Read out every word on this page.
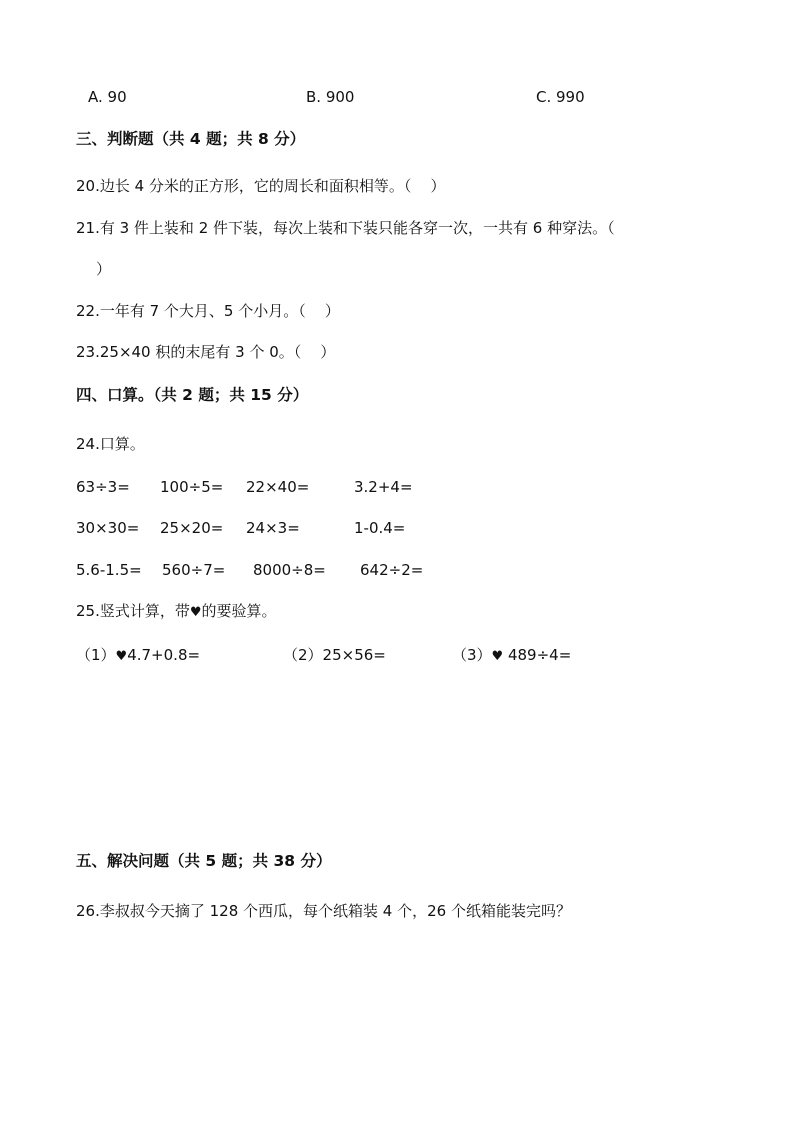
A. 90	B. 900	C. 990
三、判断题（共 4 题；共 8 分）
20.边长 4 分米的正方形，它的周长和面积相等。（    ）
21.有 3 件上装和 2 件下装，每次上装和下装只能各穿一次，一共有 6 种穿法。（
）
22.一年有 7 个大月、5 个小月。（    ）
23.25×40 积的末尾有 3 个 0。（    ）
四、口算。（共 2 题；共 15 分）
24.口算。
63÷3= 100÷5= 22×40=	3.2+4=
30×30= 25×20= 24×3=	1-0.4=
5.6-1.5= 560÷7= 8000÷8= 642÷2=
25.竖式计算，带♥的要验算。
（1）♥4.7+0.8=	（2）25×56=	（3）♥ 489÷4=
五、解决问题（共 5 题；共 38 分）
26.李叔叔今天摘了 128 个西瓜，每个纸箱装 4 个，26 个纸箱能装完吗？
